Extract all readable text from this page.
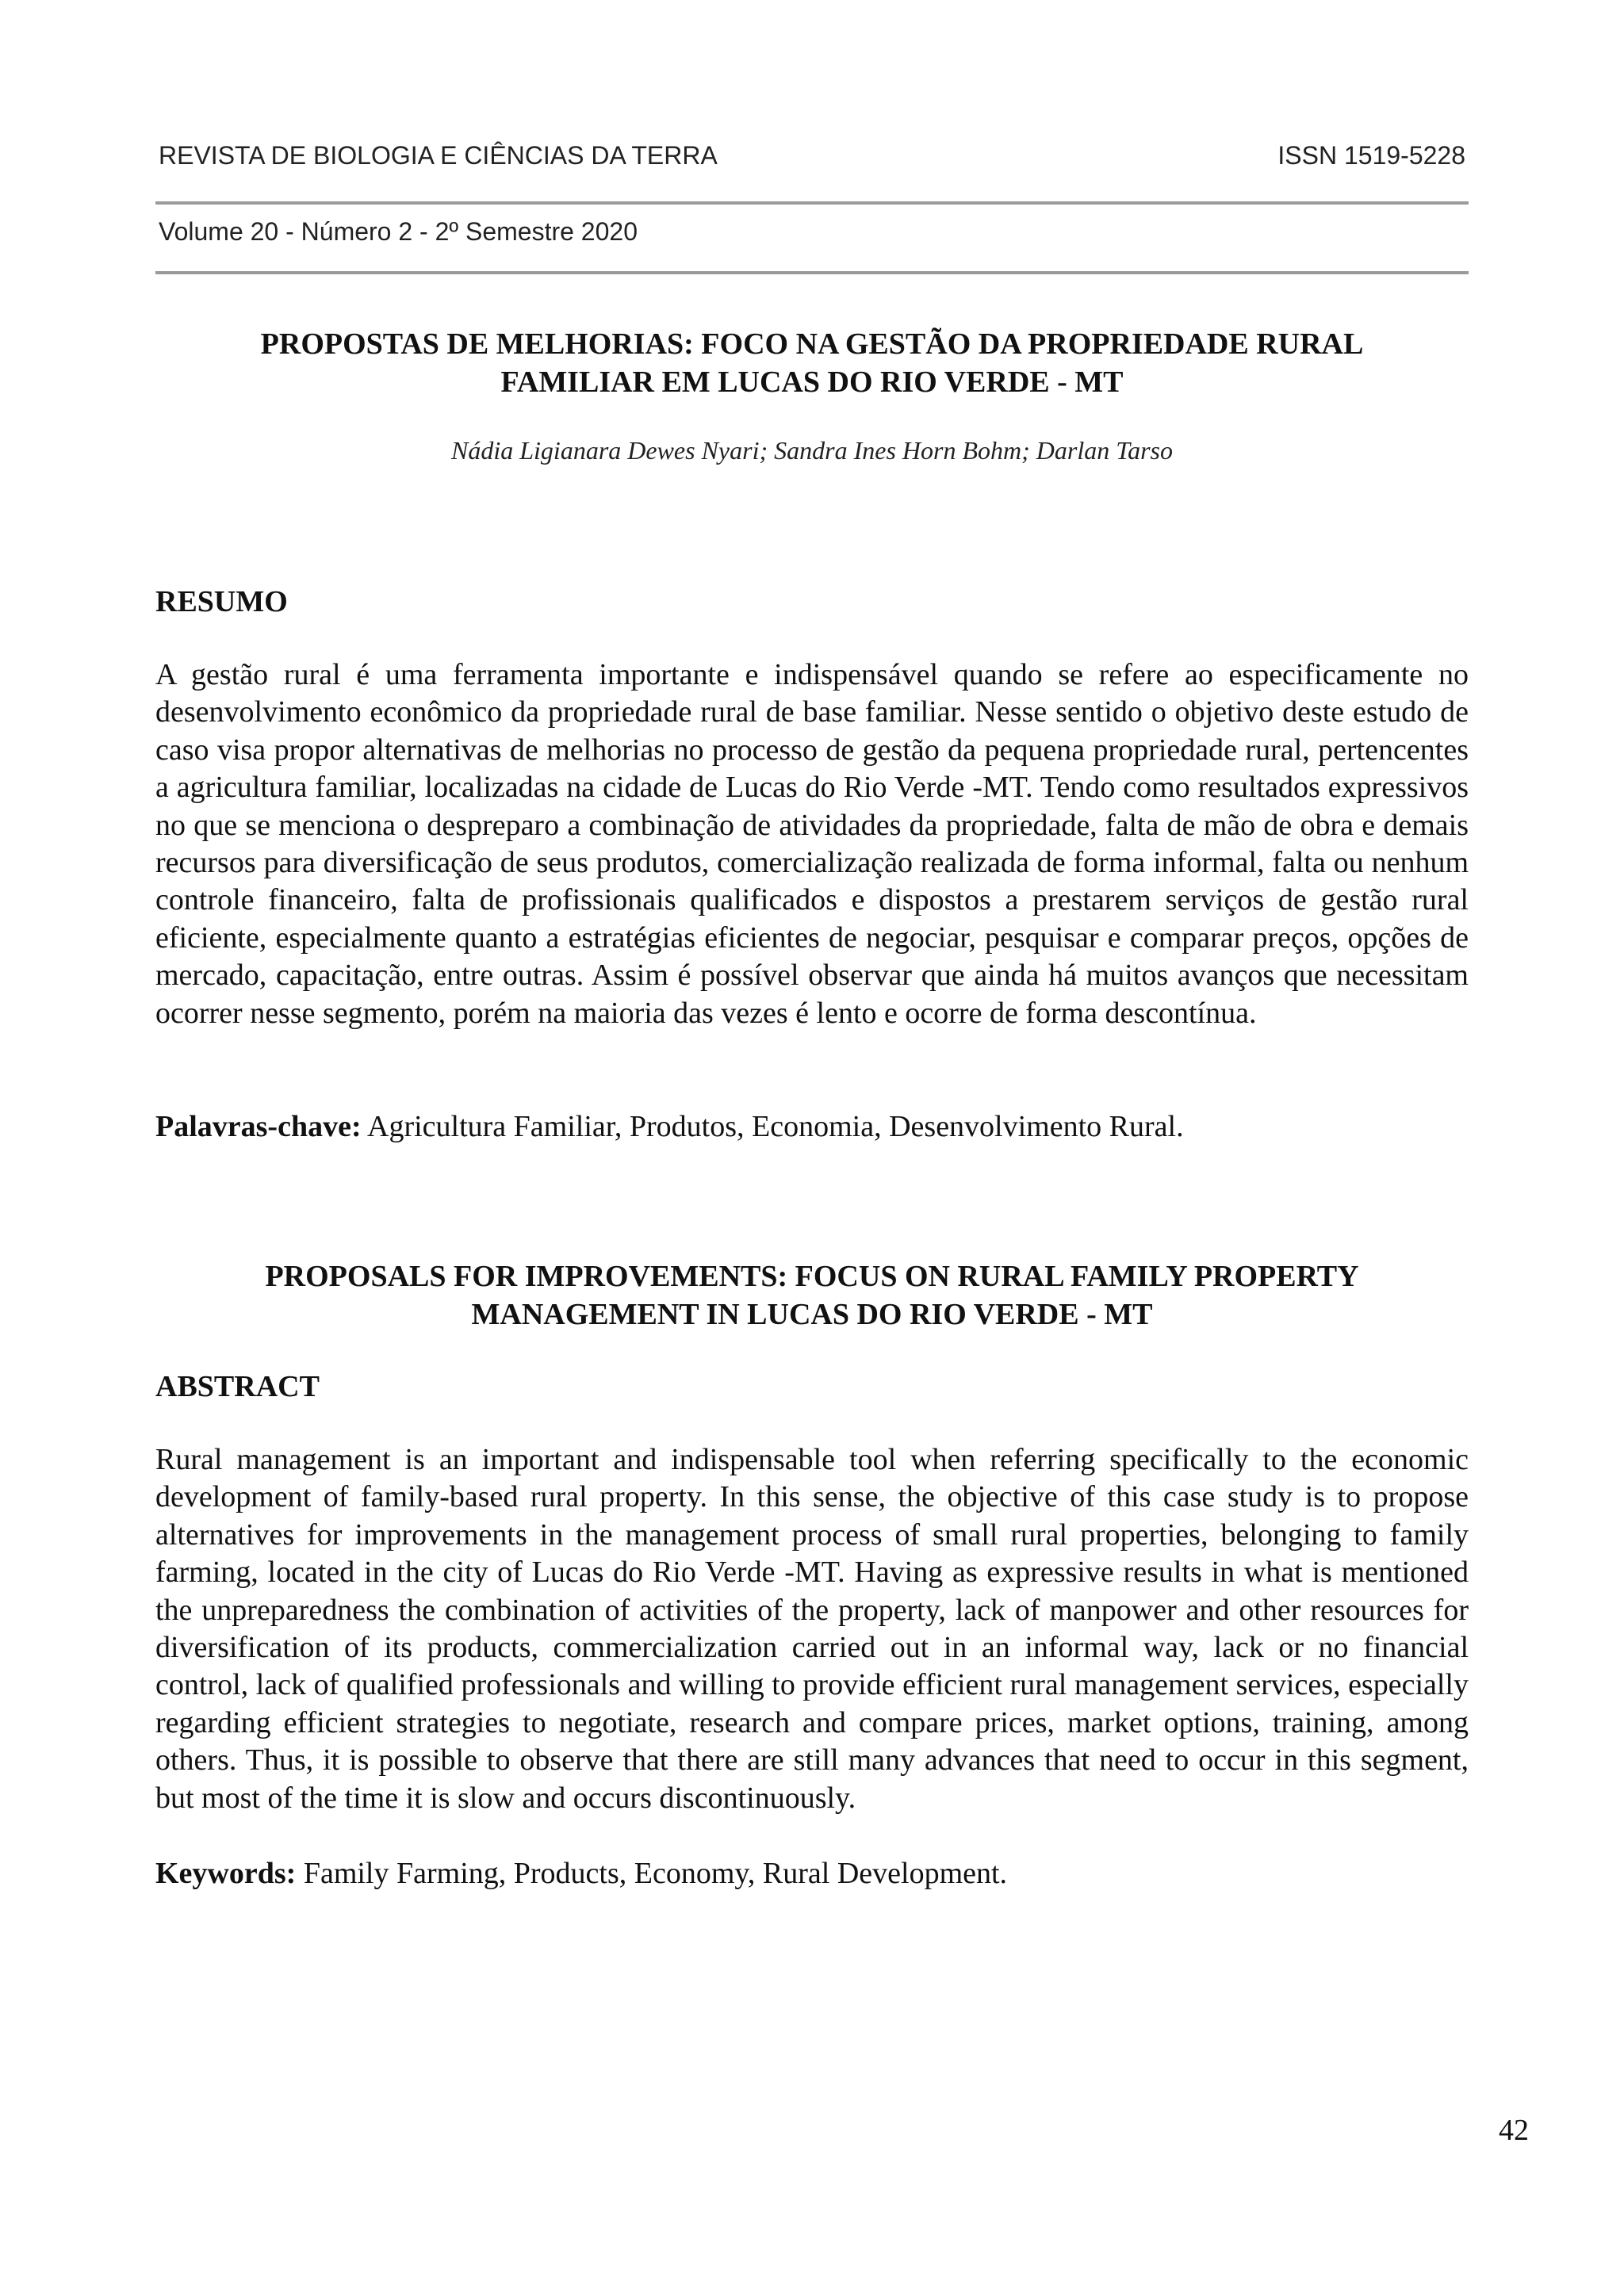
REVISTA DE BIOLOGIA E CIÊNCIAS DA TERRA	ISSN 1519-5228
Volume 20 - Número 2 - 2º Semestre 2020
PROPOSTAS DE MELHORIAS: FOCO NA GESTÃO DA PROPRIEDADE RURAL
FAMILIAR EM LUCAS DO RIO VERDE - MT
Nádia Ligianara Dewes Nyari; Sandra Ines Horn Bohm; Darlan Tarso
RESUMO

A gestão rural é uma ferramenta importante e indispensável quando se refere ao especificamente no desenvolvimento econômico da propriedade rural de base familiar. Nesse sentido o objetivo deste estudo de caso visa propor alternativas de melhorias no processo de gestão da pequena propriedade rural, pertencentes a agricultura familiar, localizadas na cidade de Lucas do Rio Verde -MT. Tendo como resultados expressivos no que se menciona o despreparo a combinação de atividades da propriedade, falta de mão de obra e demais recursos para diversificação de seus produtos, comercialização realizada de forma informal, falta ou nenhum controle financeiro, falta de profissionais qualificados e dispostos a prestarem serviços de gestão rural eficiente, especialmente quanto a estratégias eficientes de negociar, pesquisar e comparar preços, opções de mercado, capacitação, entre outras. Assim é possível observar que ainda há muitos avanços que necessitam ocorrer nesse segmento, porém na maioria das vezes é lento e ocorre de forma descontínua.

Palavras-chave: Agricultura Familiar, Produtos, Economia, Desenvolvimento Rural.

PROPOSALS FOR IMPROVEMENTS: FOCUS ON RURAL FAMILY PROPERTY
MANAGEMENT IN LUCAS DO RIO VERDE - MT
ABSTRACT

Rural management is an important and indispensable tool when referring specifically to the economic development of family-based rural property. In this sense, the objective of this case study is to propose alternatives for improvements in the management process of small rural properties, belonging to family farming, located in the city of Lucas do Rio Verde -MT. Having as expressive results in what is mentioned the unpreparedness the combination of activities of the property, lack of manpower and other resources for diversification of its products, commercialization carried out in an informal way, lack or no financial control, lack of qualified professionals and willing to provide efficient rural management services, especially regarding efficient strategies to negotiate, research and compare prices, market options, training, among others. Thus, it is possible to observe that there are still many advances that need to occur in this segment, but most of the time it is slow and occurs discontinuously.

Keywords: Family Farming, Products, Economy, Rural Development.

42
